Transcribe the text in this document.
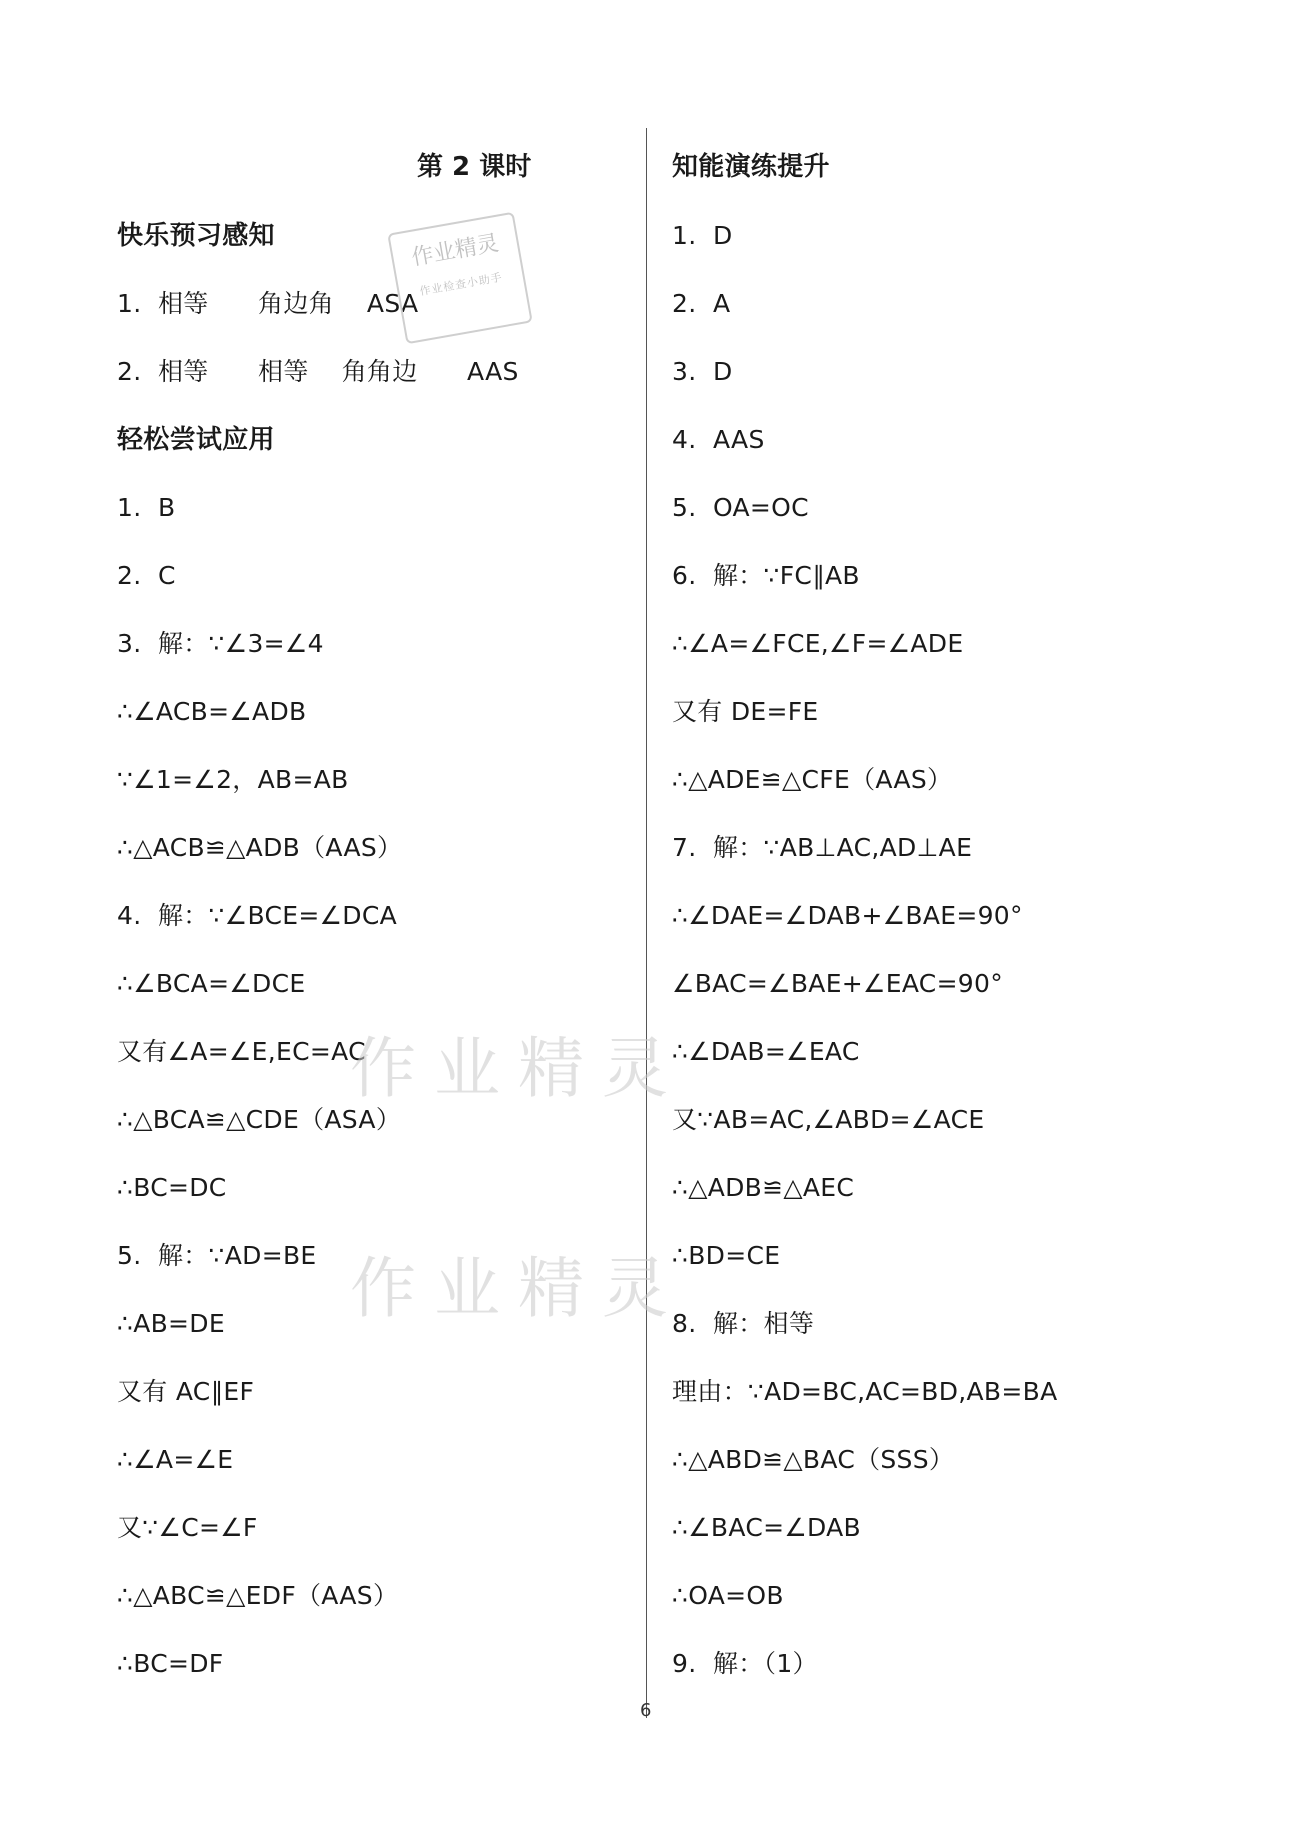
第 2 课时
快乐预习感知
1.  相等      角边角    ASA
2.  相等      相等    角角边      AAS
轻松尝试应用
1.  B
2.  C
3.  解：∵∠3=∠4
∴∠ACB=∠ADB
∵∠1=∠2，AB=AB
∴△ACB≌△ADB（AAS）
4.  解：∵∠BCE=∠DCA
∴∠BCA=∠DCE
又有∠A=∠E,EC=AC
∴△BCA≌△CDE（ASA）
∴BC=DC
5.  解：∵AD=BE
∴AB=DE
又有 AC∥EF
∴∠A=∠E
又∵∠C=∠F
∴△ABC≌△EDF（AAS）
∴BC=DF
知能演练提升
1.  D
2.  A
3.  D
4.  AAS
5.  OA=OC
6.  解：∵FC∥AB
∴∠A=∠FCE,∠F=∠ADE
又有 DE=FE
∴△ADE≌△CFE（AAS）
7.  解：∵AB⊥AC,AD⊥AE
∴∠DAE=∠DAB+∠BAE=90°
∠BAC=∠BAE+∠EAC=90°
∴∠DAB=∠EAC
又∵AB=AC,∠ABD=∠ACE
∴△ADB≌△AEC
∴BD=CE
8.  解：相等
理由：∵AD=BC,AC=BD,AB=BA
∴△ABD≌△BAC（SSS）
∴∠BAC=∠DAB
∴OA=OB
9.  解：（1）
作业精灵
作业检查小助手
作业精灵
作业精灵
6
